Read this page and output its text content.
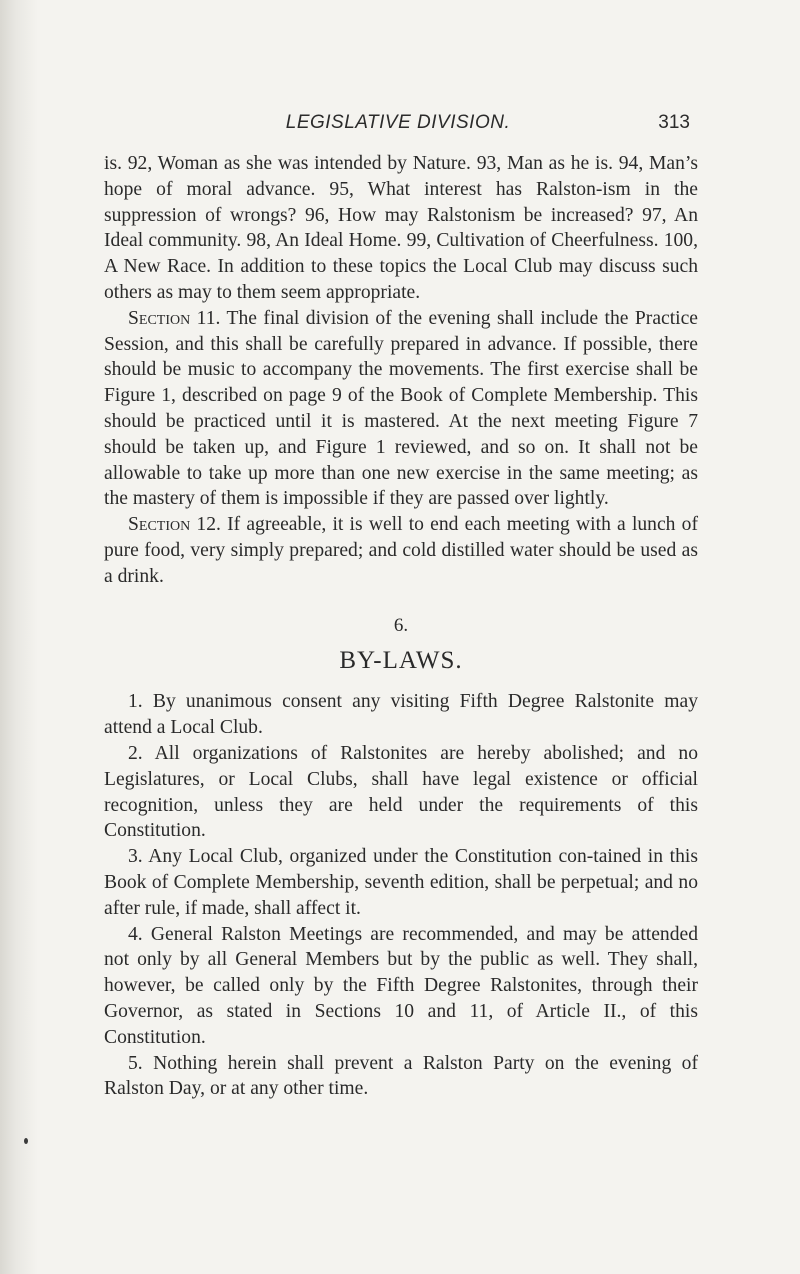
LEGISLATIVE DIVISION.	313

is. 92, Woman as she was intended by Nature. 93, Man as he is. 94, Man’s hope of moral advance. 95, What interest has Ralston-ism in the suppression of wrongs? 96, How may Ralstonism be increased? 97, An Ideal community. 98, An Ideal Home. 99, Cultivation of Cheerfulness. 100, A New Race. In addition to these topics the Local Club may discuss such others as may to them seem appropriate.

Section 11. The final division of the evening shall include the Practice Session, and this shall be carefully prepared in advance. If possible, there should be music to accompany the movements. The first exercise shall be Figure 1, described on page 9 of the Book of Complete Membership. This should be practiced until it is mastered. At the next meeting Figure 7 should be taken up, and Figure 1 reviewed, and so on. It shall not be allowable to take up more than one new exercise in the same meeting; as the mastery of them is impossible if they are passed over lightly.

Section 12. If agreeable, it is well to end each meeting with a lunch of pure food, very simply prepared; and cold distilled water should be used as a drink.

6.
BY-LAWS.

1. By unanimous consent any visiting Fifth Degree Ralstonite may attend a Local Club.

2. All organizations of Ralstonites are hereby abolished; and no Legislatures, or Local Clubs, shall have legal existence or official recognition, unless they are held under the requirements of this Constitution.

3. Any Local Club, organized under the Constitution con-tained in this Book of Complete Membership, seventh edition, shall be perpetual; and no after rule, if made, shall affect it.

4. General Ralston Meetings are recommended, and may be attended not only by all General Members but by the public as well. They shall, however, be called only by the Fifth Degree Ralstonites, through their Governor, as stated in Sections 10 and 11, of Article II., of this Constitution.

5. Nothing herein shall prevent a Ralston Party on the evening of Ralston Day, or at any other time.
